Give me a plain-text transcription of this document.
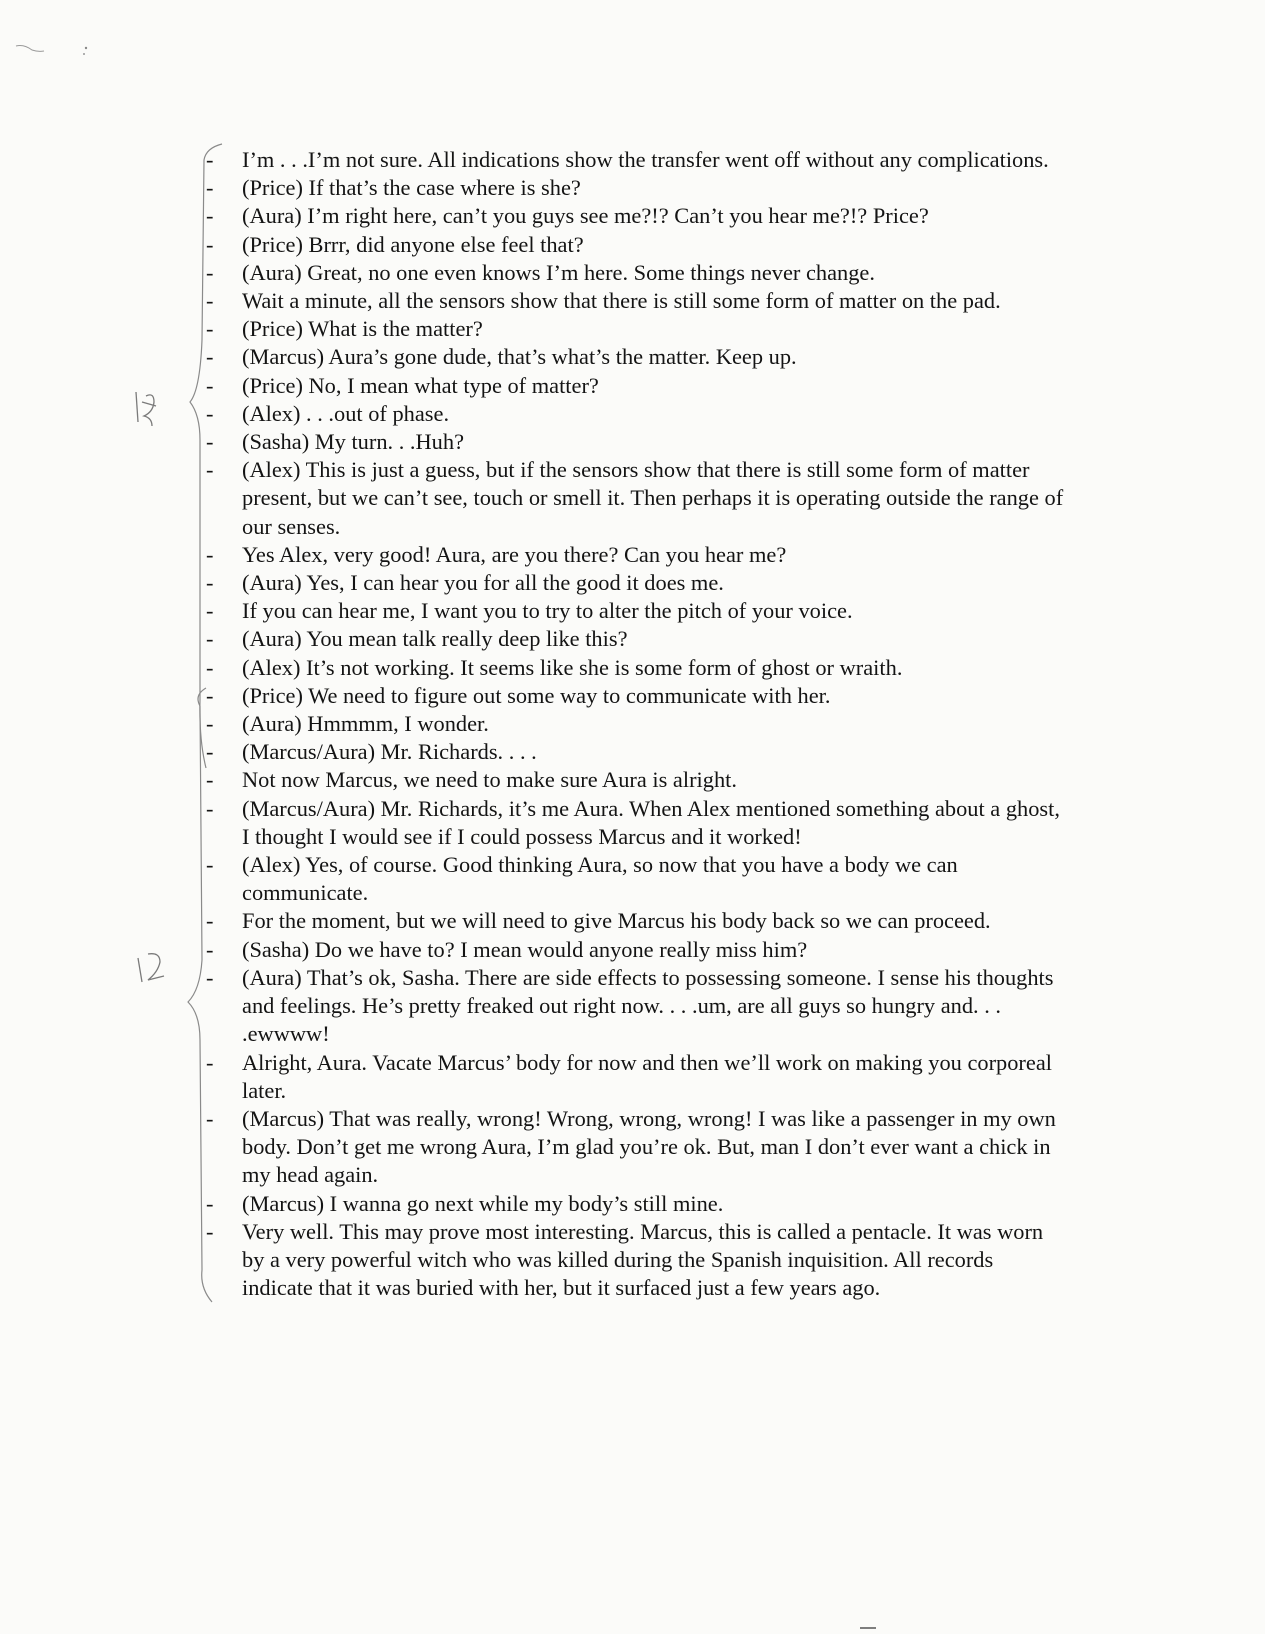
-	I’m . . .I’m not sure. All indications show the transfer went off without any complications.
-	(Price) If that’s the case where is she?
-	(Aura) I’m right here, can’t you guys see me?!? Can’t you hear me?!? Price?
-	(Price) Brrr, did anyone else feel that?
-	(Aura) Great, no one even knows I’m here. Some things never change.
-	Wait a minute, all the sensors show that there is still some form of matter on the pad.
-	(Price) What is the matter?
-	(Marcus) Aura’s gone dude, that’s what’s the matter. Keep up.
-	(Price) No, I mean what type of matter?
-	(Alex) . . .out of phase.
-	(Sasha) My turn. . .Huh?
-	(Alex) This is just a guess, but if the sensors show that there is still some form of matter present, but we can’t see, touch or smell it. Then perhaps it is operating outside the range of our senses.
-	Yes Alex, very good! Aura, are you there? Can you hear me?
-	(Aura) Yes, I can hear you for all the good it does me.
-	If you can hear me, I want you to try to alter the pitch of your voice.
-	(Aura) You mean talk really deep like this?
-	(Alex) It’s not working. It seems like she is some form of ghost or wraith.
-	(Price) We need to figure out some way to communicate with her.
-	(Aura) Hmmmm, I wonder.
-	(Marcus/Aura) Mr. Richards. . . .
-	Not now Marcus, we need to make sure Aura is alright.
-	(Marcus/Aura) Mr. Richards, it’s me Aura. When Alex mentioned something about a ghost, I thought I would see if I could possess Marcus and it worked!
-	(Alex) Yes, of course. Good thinking Aura, so now that you have a body we can communicate.
-	For the moment, but we will need to give Marcus his body back so we can proceed.
-	(Sasha) Do we have to? I mean would anyone really miss him?
-	(Aura) That’s ok, Sasha. There are side effects to possessing someone. I sense his thoughts and feelings. He’s pretty freaked out right now. . . .um, are all guys so hungry and. . . .ewwww!
-	Alright, Aura. Vacate Marcus’ body for now and then we’ll work on making you corporeal later.
-	(Marcus) That was really, wrong! Wrong, wrong, wrong! I was like a passenger in my own body. Don’t get me wrong Aura, I’m glad you’re ok. But, man I don’t ever want a chick in my head again.
-	(Marcus) I wanna go next while my body’s still mine.
-	Very well. This may prove most interesting. Marcus, this is called a pentacle. It was worn by a very powerful witch who was killed during the Spanish inquisition. All records indicate that it was buried with her, but it surfaced just a few years ago.
